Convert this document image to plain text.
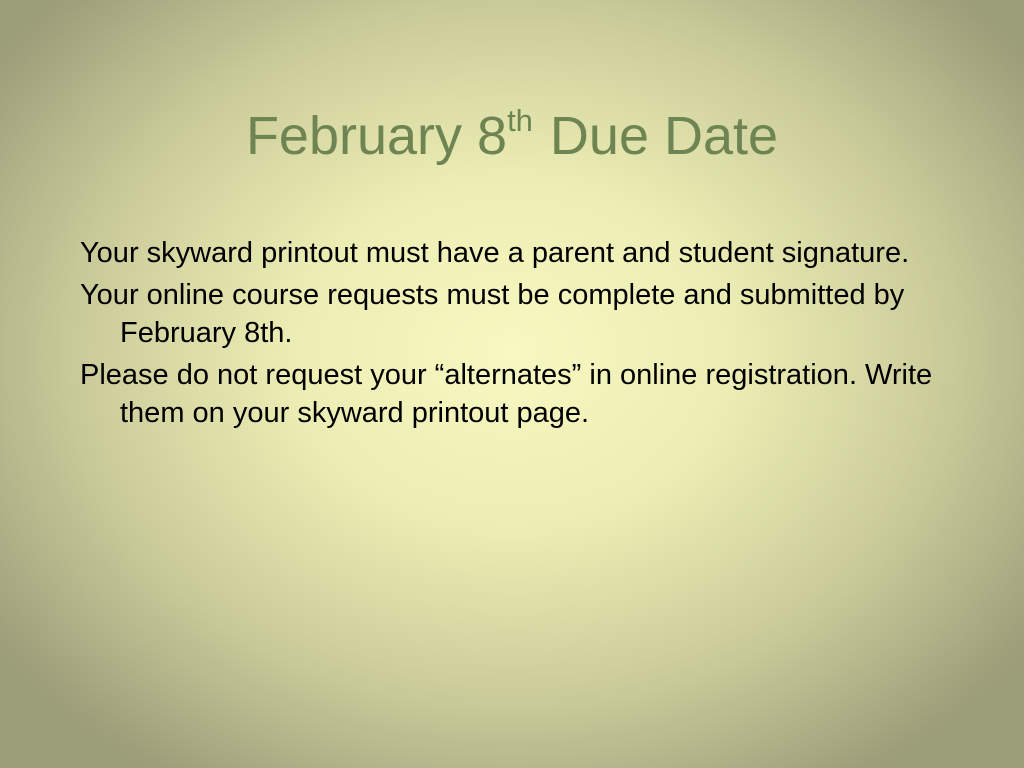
February 8th Due Date
Your skyward printout must have a parent and student signature.
Your online course requests must be complete and submitted by February 8th.
Please do not request your “alternates” in online registration. Write them on your skyward printout page.
